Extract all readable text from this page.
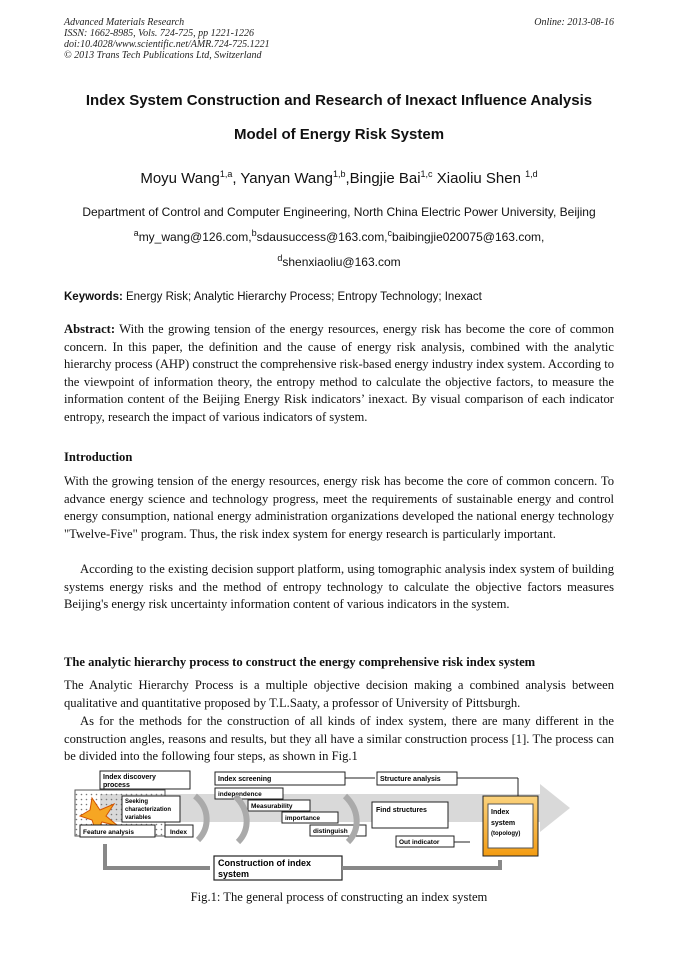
Advanced Materials Research
ISSN: 1662-8985, Vols. 724-725, pp 1221-1226
doi:10.4028/www.scientific.net/AMR.724-725.1221
© 2013 Trans Tech Publications Ltd, Switzerland
Online: 2013-08-16
Index System Construction and Research of Inexact Influence Analysis
Model of Energy Risk System
Moyu Wang$^{1,a}$, Yanyan Wang$^{1,b}$,Bingjie Bai$^{1,c}$ Xiaoliu Shen $^{1,d}$
Department of Control and Computer Engineering, North China Electric Power University, Beijing
$^a$my_wang@126.com,$^b$sdausuccess@163.com,$^c$baibingjie020075@163.com,
$^d$shenxiaoliu@163.com
Keywords: Energy Risk; Analytic Hierarchy Process; Entropy Technology; Inexact
Abstract: With the growing tension of the energy resources, energy risk has become the core of common concern. In this paper, the definition and the cause of energy risk analysis, combined with the analytic hierarchy process (AHP) construct the comprehensive risk-based energy industry index system. According to the viewpoint of information theory, the entropy method to calculate the objective factors, to measure the information content of the Beijing Energy Risk indicators’ inexact. By visual comparison of each indicator entropy, research the impact of various indicators of system.
Introduction
With the growing tension of the energy resources, energy risk has become the core of common concern. To advance energy science and technology progress, meet the requirements of sustainable energy and control energy consumption, national energy administration organizations developed the national energy technology "Twelve-Five" program. Thus, the risk index system for energy research is particularly important.
According to the existing decision support platform, using tomographic analysis index system of building systems energy risks and the method of entropy technology to calculate the objective factors measures Beijing's energy risk uncertainty information content of various indicators in the system.
The analytic hierarchy process to construct the energy comprehensive risk index system
The Analytic Hierarchy Process is a multiple objective decision making a combined analysis between qualitative and quantitative proposed by T.L.Saaty, a professor of University of Pittsburgh.
As for the methods for the construction of all kinds of index system, there are many different in the construction angles, reasons and results, but they all have a similar construction process [1]. The process can be divided into the following four steps, as shown in Fig.1
Index discovery
process
Index screening	Structure analysis
independence
Measurability
importance
distinguish
Seeking
characterization
variables
Feature analysis	Index
Find structures
Out indicator
Index
system
(topology)
Construction of index
system
Fig.1: The general process of constructing an index system
